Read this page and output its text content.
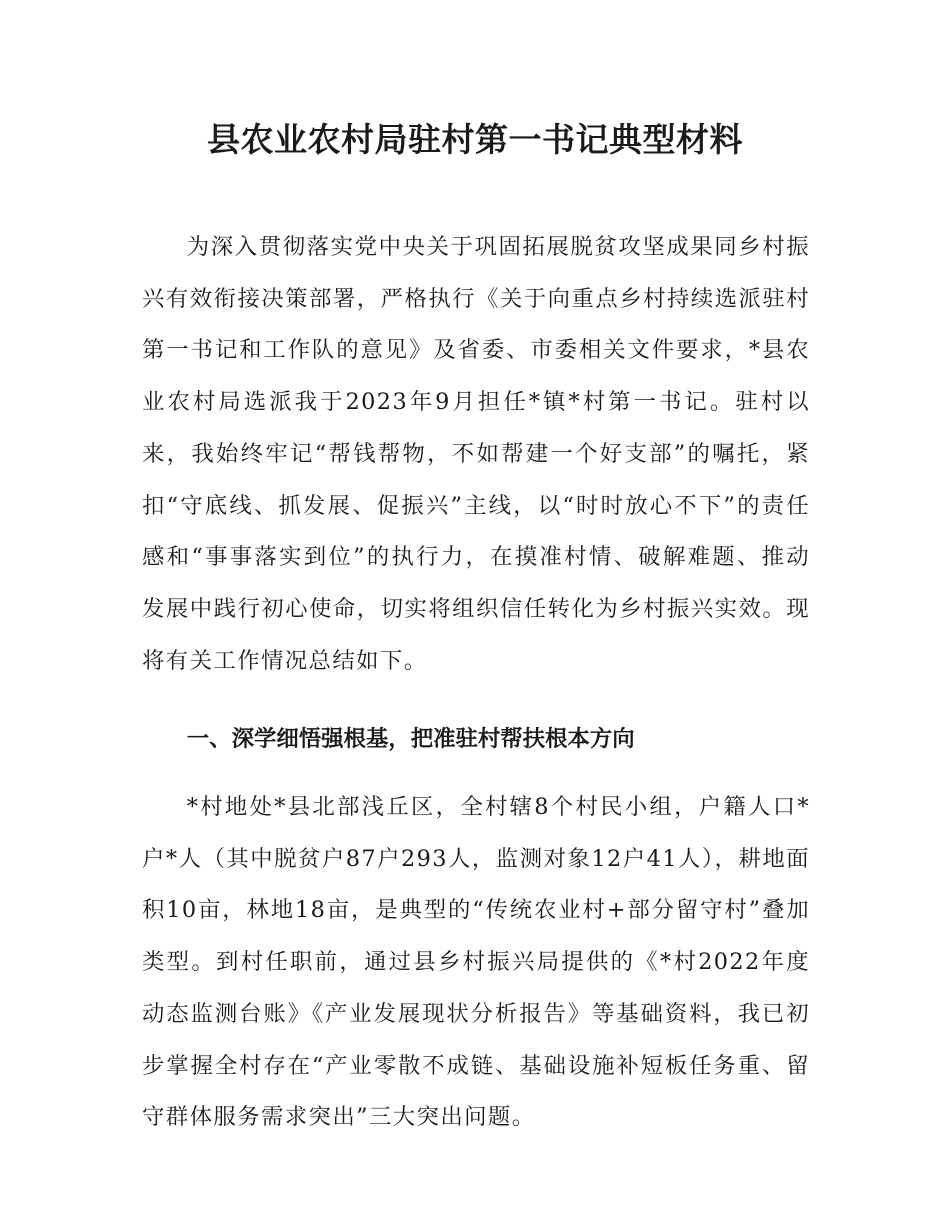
县农业农村局驻村第一书记典型材料

为深入贯彻落实党中央关于巩固拓展脱贫攻坚成果同乡村振兴有效衔接决策部署，严格执行《关于向重点乡村持续选派驻村第一书记和工作队的意见》及省委、市委相关文件要求，*县农业农村局选派我于2023年9月担任*镇*村第一书记。驻村以来，我始终牢记“帮钱帮物，不如帮建一个好支部”的嘱托，紧扣“守底线、抓发展、促振兴”主线，以“时时放心不下”的责任感和“事事落实到位”的执行力，在摸准村情、破解难题、推动发展中践行初心使命，切实将组织信任转化为乡村振兴实效。现将有关工作情况总结如下。

一、深学细悟强根基，把准驻村帮扶根本方向

*村地处*县北部浅丘区，全村辖8个村民小组，户籍人口*户*人（其中脱贫户87户293人，监测对象12户41人），耕地面积10亩，林地18亩，是典型的“传统农业村+部分留守村”叠加类型。到村任职前，通过县乡村振兴局提供的《*村2022年度动态监测台账》《产业发展现状分析报告》等基础资料，我已初步掌握全村存在“产业零散不成链、基础设施补短板任务重、留守群体服务需求突出”三大突出问题。
